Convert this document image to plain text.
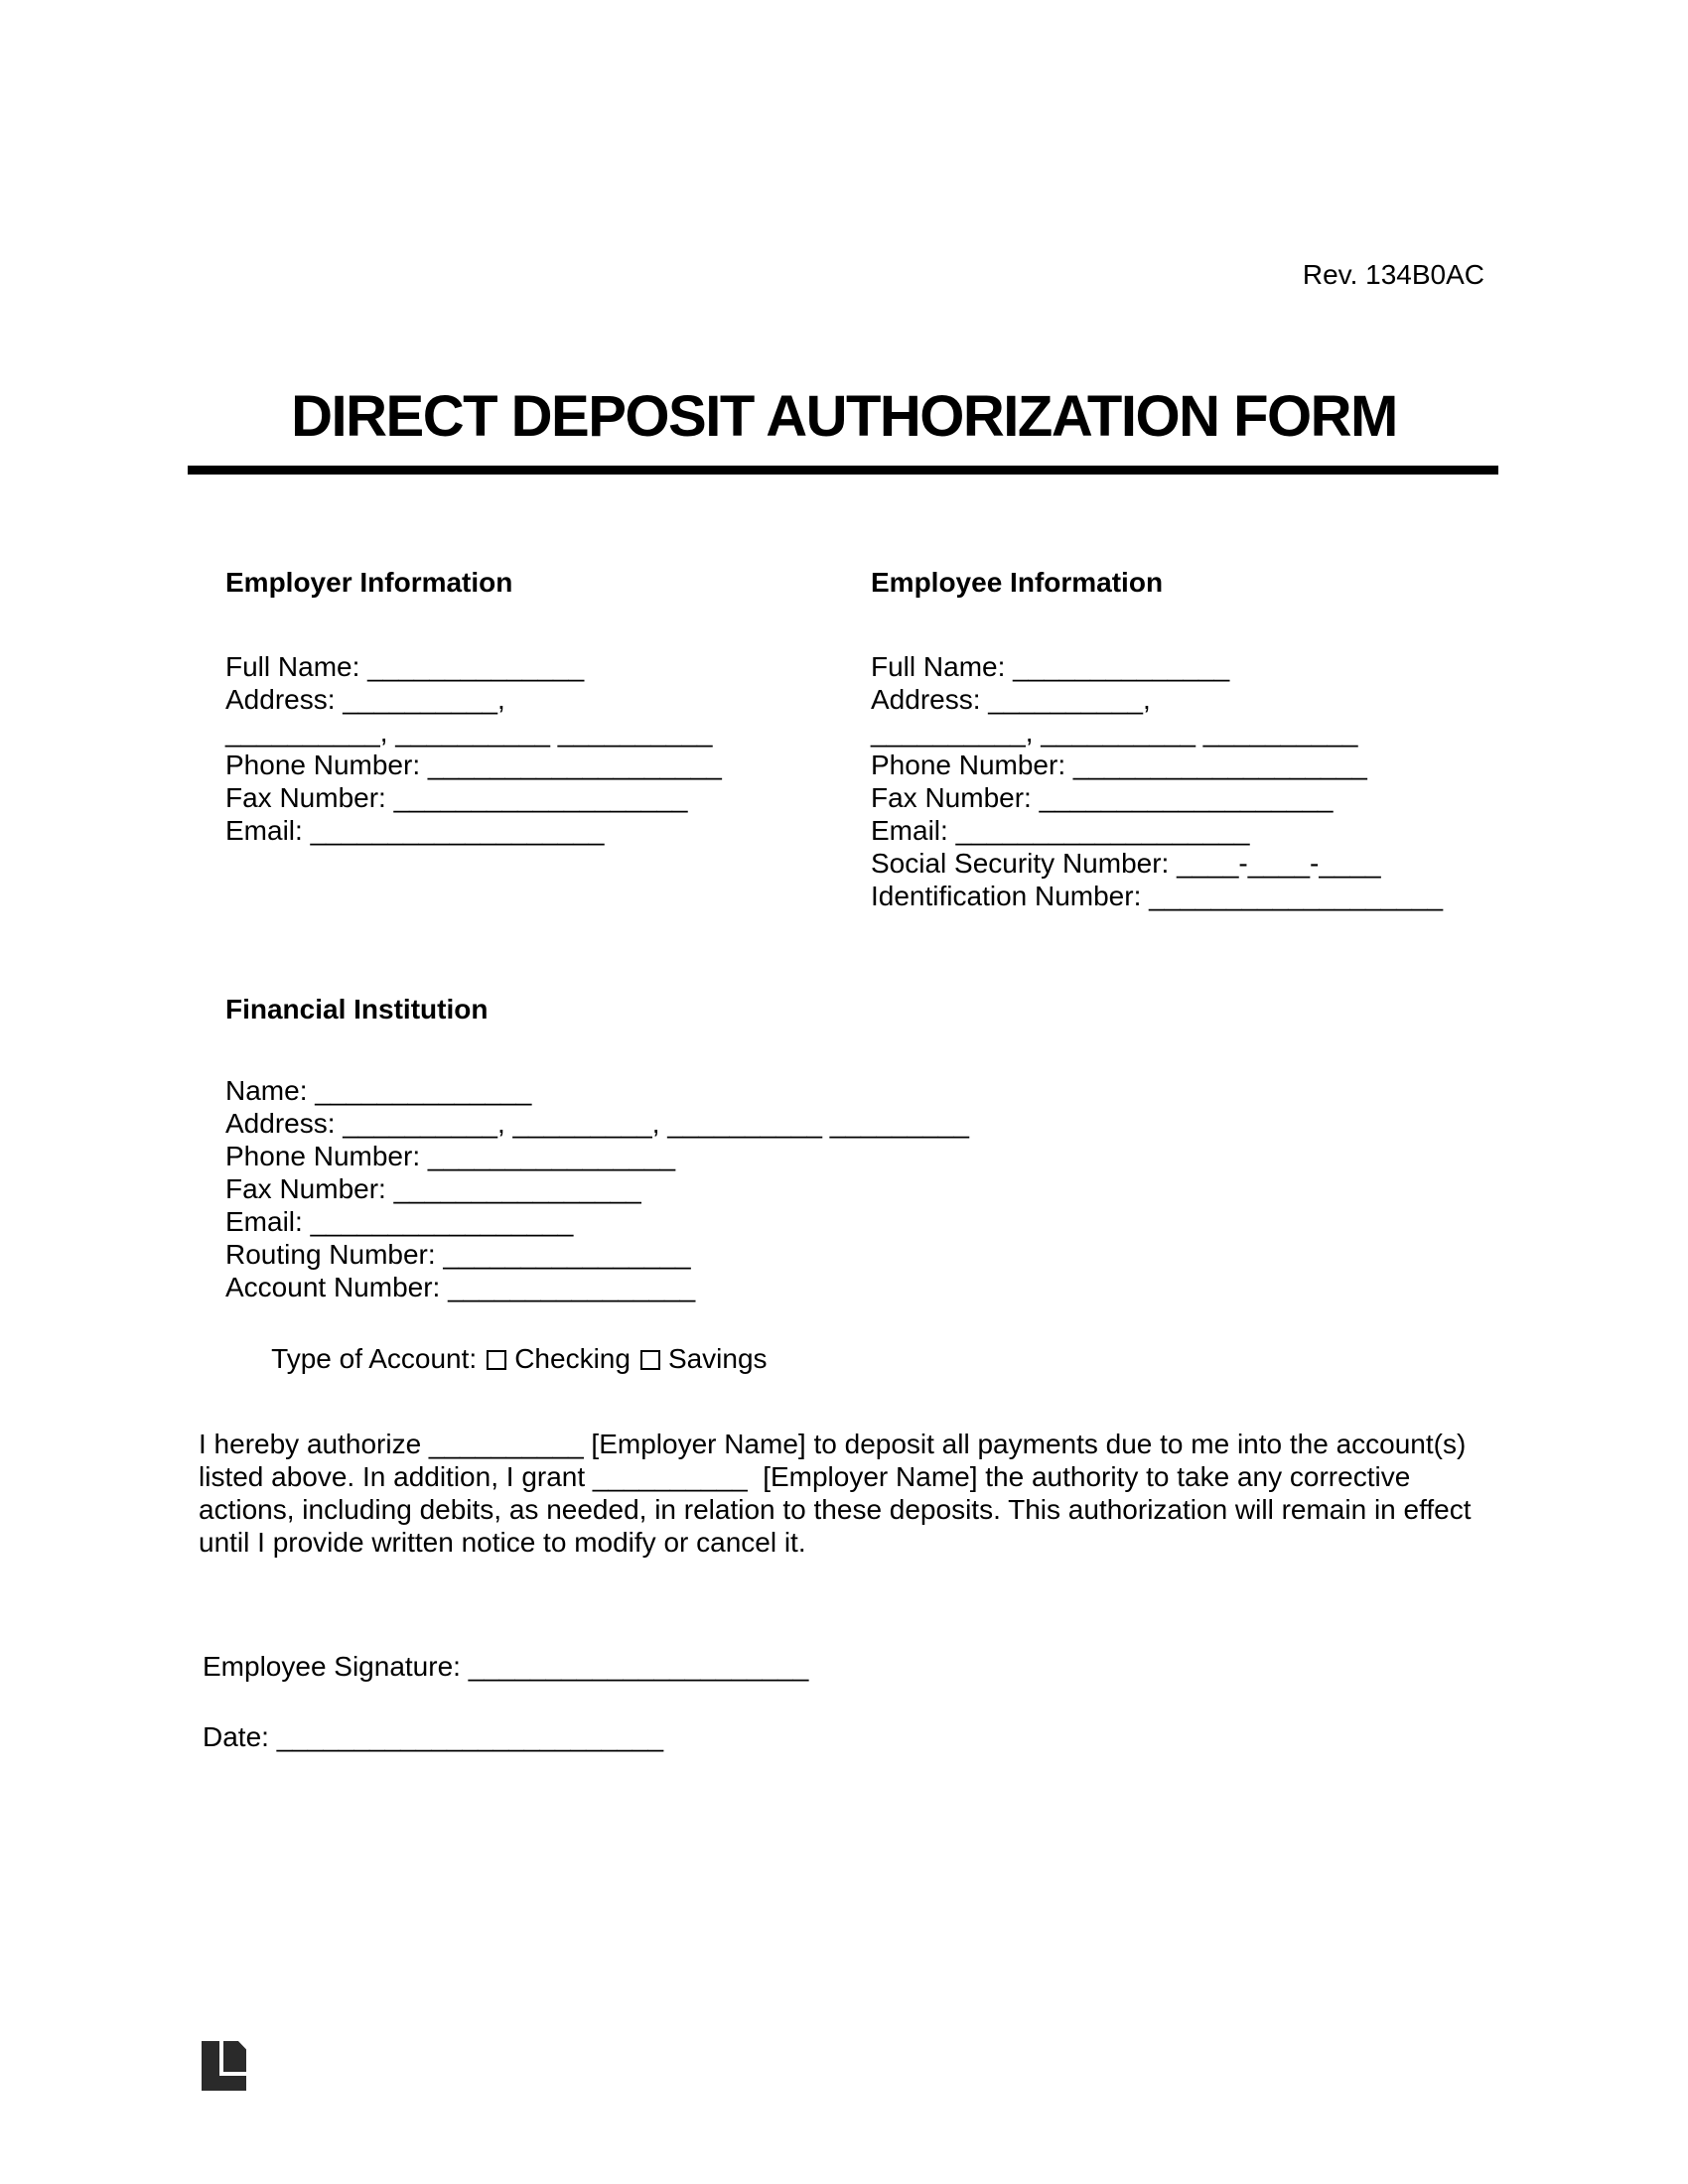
Rev. 134B0AC
DIRECT DEPOSIT AUTHORIZATION FORM
Employer Information
Full Name: ______________
Address: __________,
__________, __________ __________
Phone Number: ___________________
Fax Number: ___________________
Email: ___________________
Employee Information
Full Name: ______________
Address: __________,
__________, __________ __________
Phone Number: ___________________
Fax Number: ___________________
Email: ___________________
Social Security Number: ____-____-____
Identification Number: ___________________
Financial Institution
Name: ______________
Address: __________, _________, __________ _________
Phone Number: ________________
Fax Number: ________________
Email: _________________
Routing Number: ________________
Account Number: ________________

Type of Account: Checking Savings

I hereby authorize __________ [Employer Name] to deposit all payments due to me into the account(s) listed above. In addition, I grant __________  [Employer Name] the authority to take any corrective actions, including debits, as needed, in relation to these deposits. This authorization will remain in effect until I provide written notice to modify or cancel it.

Employee Signature: ______________________
Date: _________________________
